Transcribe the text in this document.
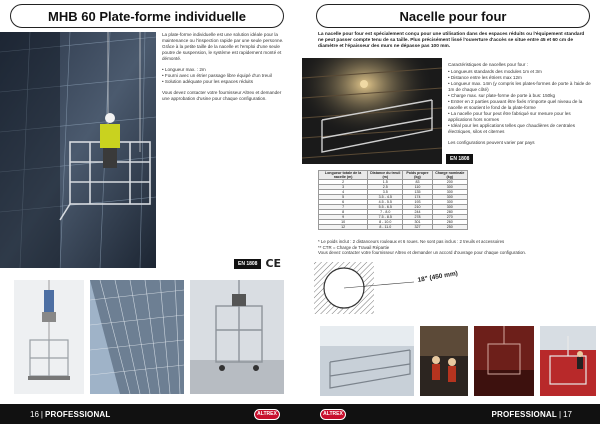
MHB 60 Plate-forme individuelle

La plate-forme individuelle est une solution idéale pour la maintenance ou l'inspection rapide par une seule personne. Grâce à la petite taille de la nacelle et l'emploi d'une seule poutre de suspension, le système est rapidement monté et démonté.

• Longueur max. : 2m
• Fourni avec un étrier passage libre équipé d'un treuil
• Solution adéquate pour les espaces réduits

Vous devez contacter votre fournisseur Altrex et demander une approbation d'usine pour chaque configuration.

EN 1808 CE
16 | PROFESSIONAL	ALTREX
Nacelle pour four
La nacelle pour four est spécialement conçu pour une utilisation dans des espaces réduits ou l'équipement standard ne peut passer compte tenu de sa taille. Plus précisément lissé l'ouverture d'accès se situe entre 45 et 60 cm de diamètre et l'épaisseur des murs ne dépasse pas 100 mm.

Caractéristiques de nacelles pour four :

• Longueurs standards des modules 1m et 3m
• Distance entre les étriers max 12m
• Longueur max. 14m (y compris les plates-formes de porte à l'aide de 1m de chaque côté)
• Charge max. sur plate-forme de porte à bus: 150kg
• Entrer en 2 parties pouvant être fixés n'importe quel niveau de la nacelle et soutient le fond de la plate-forme
• La nacelle pour four peut être fabriqué sur mesure pour les applications hors normes
• Idéal pour les applications telles que chaudières de centrales électriques, silos et citernes

Les configurations peuvent varier par pays

EN 1808
Longueur totale de la nacelle (m)	Distance du treuil (m)	Poids propre (kg)	Charge nominale (kg)
2	1.5	83	200
3	2.5	110	300
4	3.5	135	300
5	3.5 - 4.5	174	300
6	4.5 - 5.5	193	300
7	5.5 - 6.5	210	300
8	7 - 8.0	244	280
9	7.5 - 8.5	278	270
10	8 - 10.0	301	260
12	8 - 11.0	327	250
* Le poids inclut : 2 distanceurs rouleaux et 6 roues. Ne sont pas inclus : 2 treuils et accessoires
** CTR = Charge de Travail Répartie
Vous devez contacter votre fournisseur Altrex et demander un accord d'ouvrage pour chaque configuration.
18" (450 mm)
ALTREX	PROFESSIONAL | 17
